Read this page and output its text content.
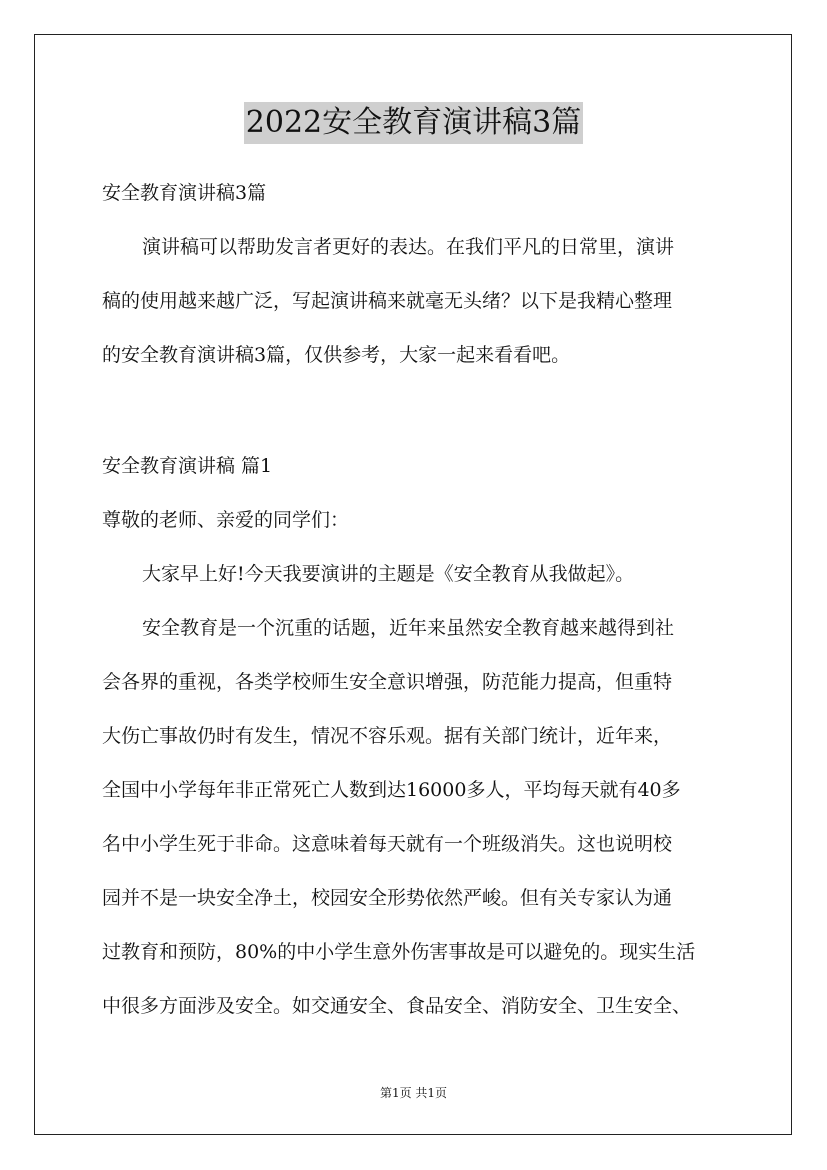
2022安全教育演讲稿3篇
安全教育演讲稿3篇
演讲稿可以帮助发言者更好的表达。在我们平凡的日常里，演讲
稿的使用越来越广泛，写起演讲稿来就毫无头绪？以下是我精心整理
的安全教育演讲稿3篇，仅供参考，大家一起来看看吧。
安全教育演讲稿 篇1
尊敬的老师、亲爱的同学们：
大家早上好!今天我要演讲的主题是《安全教育从我做起》。
安全教育是一个沉重的话题，近年来虽然安全教育越来越得到社
会各界的重视，各类学校师生安全意识增强，防范能力提高，但重特
大伤亡事故仍时有发生，情况不容乐观。据有关部门统计，近年来，
全国中小学每年非正常死亡人数到达16000多人，平均每天就有40多
名中小学生死于非命。这意味着每天就有一个班级消失。这也说明校
园并不是一块安全净土，校园安全形势依然严峻。但有关专家认为通
过教育和预防，80%的中小学生意外伤害事故是可以避免的。现实生活
中很多方面涉及安全。如交通安全、食品安全、消防安全、卫生安全、
第1页 共1页
